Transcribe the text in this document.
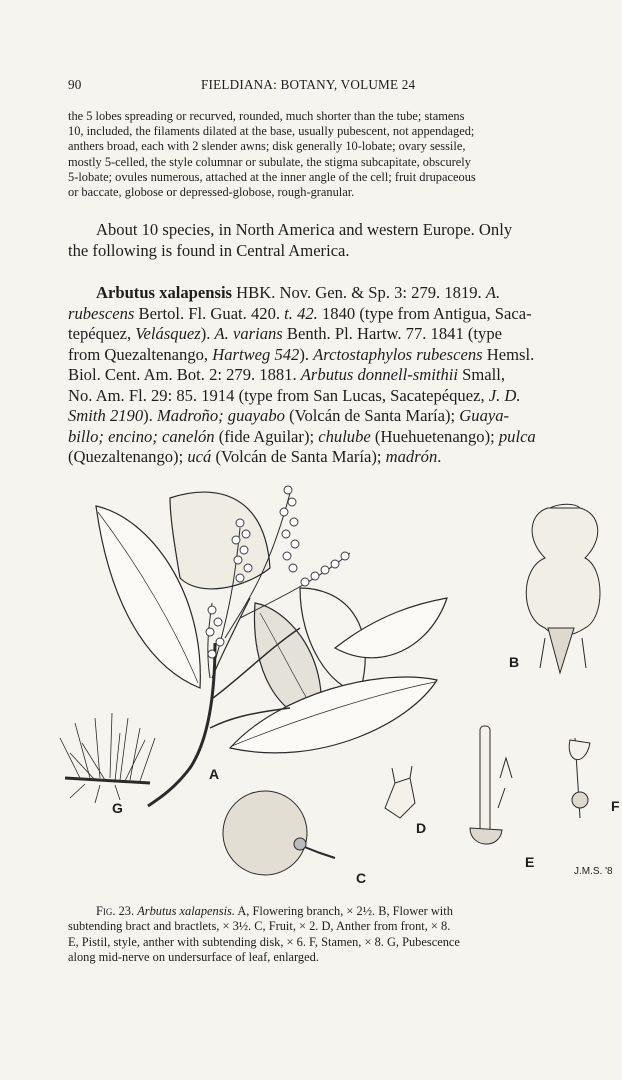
90	FIELDIANA: BOTANY, VOLUME 24

the 5 lobes spreading or recurved, rounded, much shorter than the tube; stamens

10, included, the filaments dilated at the base, usually pubescent, not appendaged;

anthers broad, each with 2 slender awns; disk generally 10-lobate; ovary sessile,

mostly 5-celled, the style columnar or subulate, the stigma subcapitate, obscurely

5-lobate; ovules numerous, attached at the inner angle of the cell; fruit drupaceous

or baccate, globose or depressed-globose, rough-granular.

About 10 species, in North America and western Europe. Only

the following is found in Central America.

Arbutus xalapensis HBK. Nov. Gen. & Sp. 3: 279. 1819. A.

rubescens Bertol. Fl. Guat. 420. t. 42. 1840 (type from Antigua, Saca-

tepéquez, Velásquez). A. varians Benth. Pl. Hartw. 77. 1841 (type

from Quezaltenango, Hartweg 542). Arctostaphylos rubescens Hemsl.

Biol. Cent. Am. Bot. 2: 279. 1881. Arbutus donnell-smithii Small,

No. Am. Fl. 29: 85. 1914 (type from San Lucas, Sacatepéquez, J. D.

Smith 2190). Madroño; guayabo (Volcán de Santa María); Guaya-

billo; encino; canelón (fide Aguilar); chulube (Huehuetenango); pulca

(Quezaltenango); ucá (Volcán de Santa María); madrón.

A
B
C
D
E
F
G
J.M.S. '8

Fig. 23. Arbutus xalapensis. A, Flowering branch, × 2½. B, Flower with

subtending bract and bractlets, × 3½. C, Fruit, × 2. D, Anther from front, × 8.

E, Pistil, style, anther with subtending disk, × 6. F, Stamen, × 8. G, Pubescence

along mid-nerve on undersurface of leaf, enlarged.
